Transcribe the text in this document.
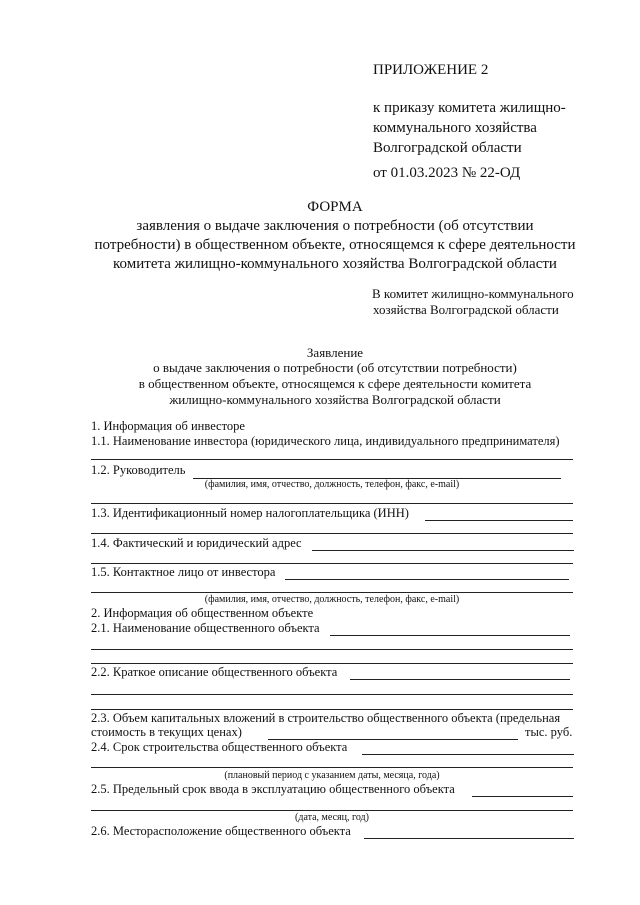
ПРИЛОЖЕНИЕ 2
к приказу комитета жилищно-
коммунального хозяйства
Волгоградской области
от 01.03.2023 № 22-ОД
ФОРМА
заявления о выдаче заключения о потребности (об отсутствии
потребности) в общественном объекте, относящемся к сфере деятельности
комитета жилищно-коммунального хозяйства Волгоградской области
В комитет жилищно-коммунального
хозяйства Волгоградской области
Заявление
о выдаче заключения о потребности (об отсутствии потребности)
в общественном объекте, относящемся к сфере деятельности комитета
жилищно-коммунального хозяйства Волгоградской области
1. Информация об инвесторе
1.1. Наименование инвестора (юридического лица, индивидуального предпринимателя)
1.2. Руководитель
(фамилия, имя, отчество, должность, телефон, факс, e-mail)
1.3. Идентификационный номер налогоплательщика (ИНН)
1.4. Фактический и юридический адрес
1.5. Контактное лицо от инвестора
(фамилия, имя, отчество, должность, телефон, факс, e-mail)
2. Информация об общественном объекте
2.1. Наименование общественного объекта
2.2. Краткое описание общественного объекта
2.3. Объем капитальных вложений в строительство общественного объекта (предельная
стоимость в текущих ценах)	тыс. руб.
2.4. Срок строительства общественного объекта
(плановый период с указанием даты, месяца, года)
2.5. Предельный срок ввода в эксплуатацию общественного объекта
(дата, месяц, год)
2.6. Месторасположение общественного объекта
